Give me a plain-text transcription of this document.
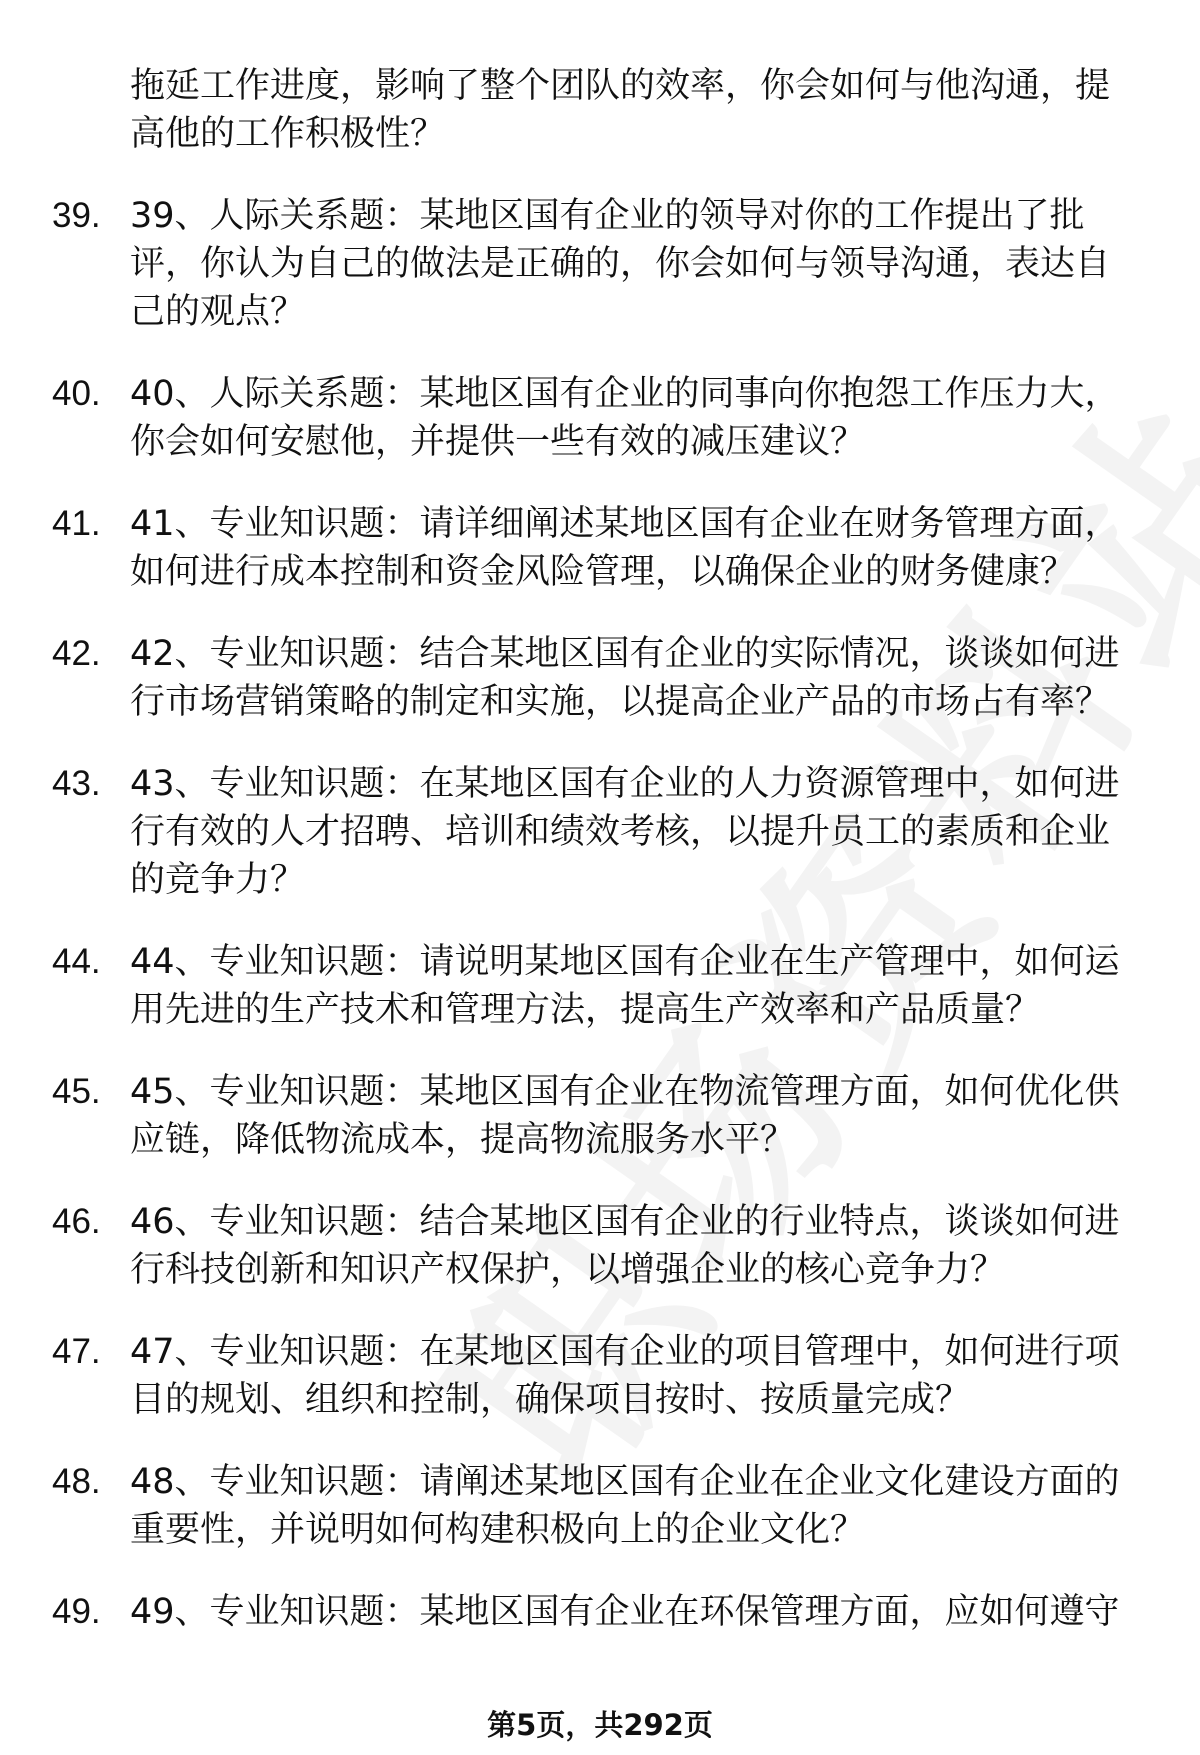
拖延工作进度，影响了整个团队的效率，你会如何与他沟通，提高他的工作积极性？
39. 39、人际关系题：某地区国有企业的领导对你的工作提出了批评，你认为自己的做法是正确的，你会如何与领导沟通，表达自己的观点？
40. 40、人际关系题：某地区国有企业的同事向你抱怨工作压力大，你会如何安慰他，并提供一些有效的减压建议？
41. 41、专业知识题：请详细阐述某地区国有企业在财务管理方面，如何进行成本控制和资金风险管理，以确保企业的财务健康？
42. 42、专业知识题：结合某地区国有企业的实际情况，谈谈如何进行市场营销策略的制定和实施，以提高企业产品的市场占有率？
43. 43、专业知识题：在某地区国有企业的人力资源管理中，如何进行有效的人才招聘、培训和绩效考核，以提升员工的素质和企业的竞争力？
44. 44、专业知识题：请说明某地区国有企业在生产管理中，如何运用先进的生产技术和管理方法，提高生产效率和产品质量？
45. 45、专业知识题：某地区国有企业在物流管理方面，如何优化供应链，降低物流成本，提高物流服务水平？
46. 46、专业知识题：结合某地区国有企业的行业特点，谈谈如何进行科技创新和知识产权保护，以增强企业的核心竞争力？
47. 47、专业知识题：在某地区国有企业的项目管理中，如何进行项目的规划、组织和控制，确保项目按时、按质量完成？
48. 48、专业知识题：请阐述某地区国有企业在企业文化建设方面的重要性，并说明如何构建积极向上的企业文化？
49. 49、专业知识题：某地区国有企业在环保管理方面，应如何遵守
第5页，共292页
